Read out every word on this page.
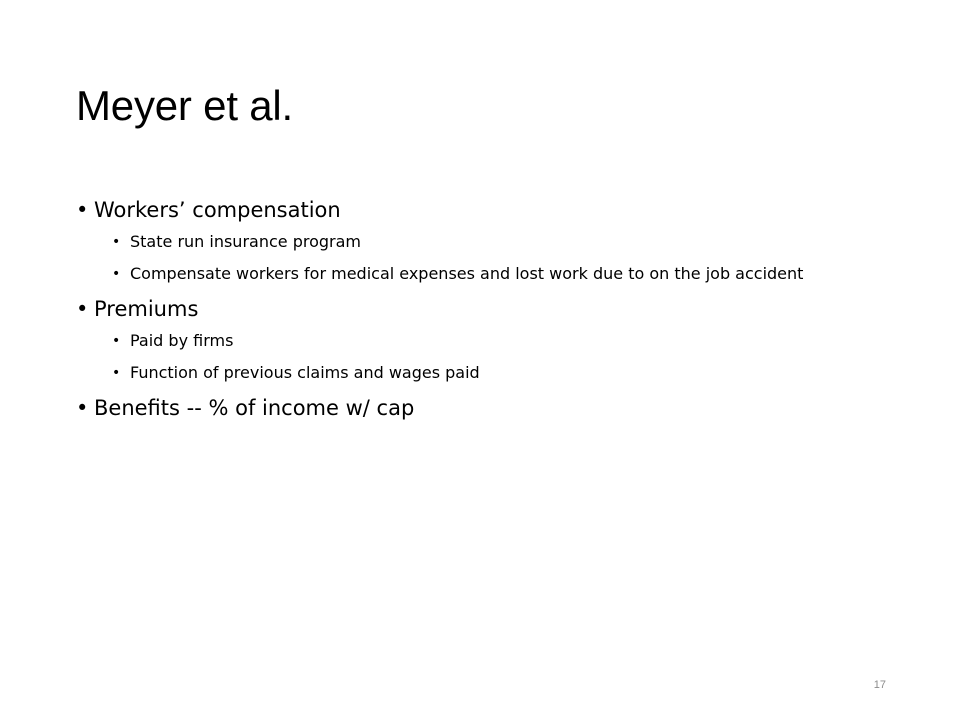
Meyer et al.
• Workers’ compensation
• State run insurance program
• Compensate workers for medical expenses and lost work due to on the job accident
• Premiums
• Paid by firms
• Function of previous claims and wages paid
• Benefits -- % of income w/ cap
17
